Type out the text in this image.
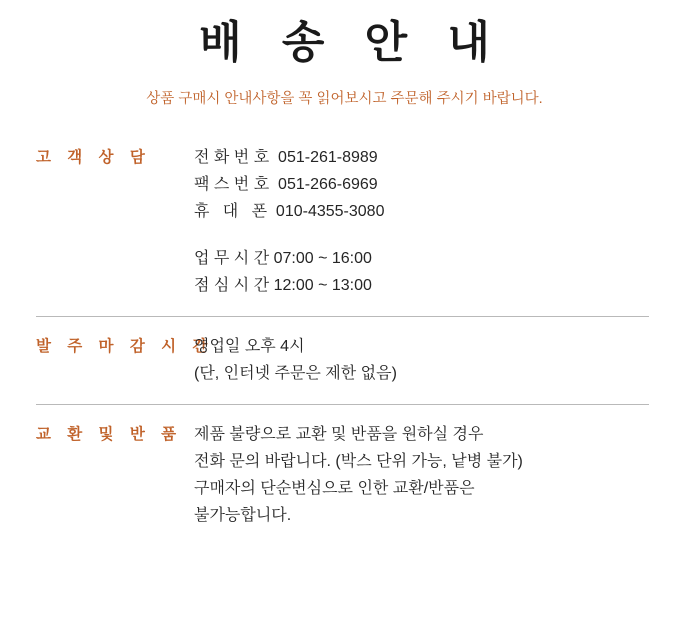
배 송 안 내
상품 구매시 안내사항을 꼭 읽어보시고 주문해 주시기 바랍니다.
고 객 상 담	전 화 번 호  051-261-8989
팩 스 번 호  051-266-6969
휴   대   폰  010-4355-3080
업 무 시 간 07:00 ~ 16:00
점 심 시 간 12:00 ~ 13:00
발 주 마 감 시 간
영업일 오후 4시
(단, 인터넷 주문은 제한 없음)
교 환 및 반 품 제품 불량으로 교환 및 반품을 원하실 경우
전화 문의 바랍니다. (박스 단위 가능, 낱병 불가)
구매자의 단순변심으로 인한 교환/반품은
불가능합니다.
